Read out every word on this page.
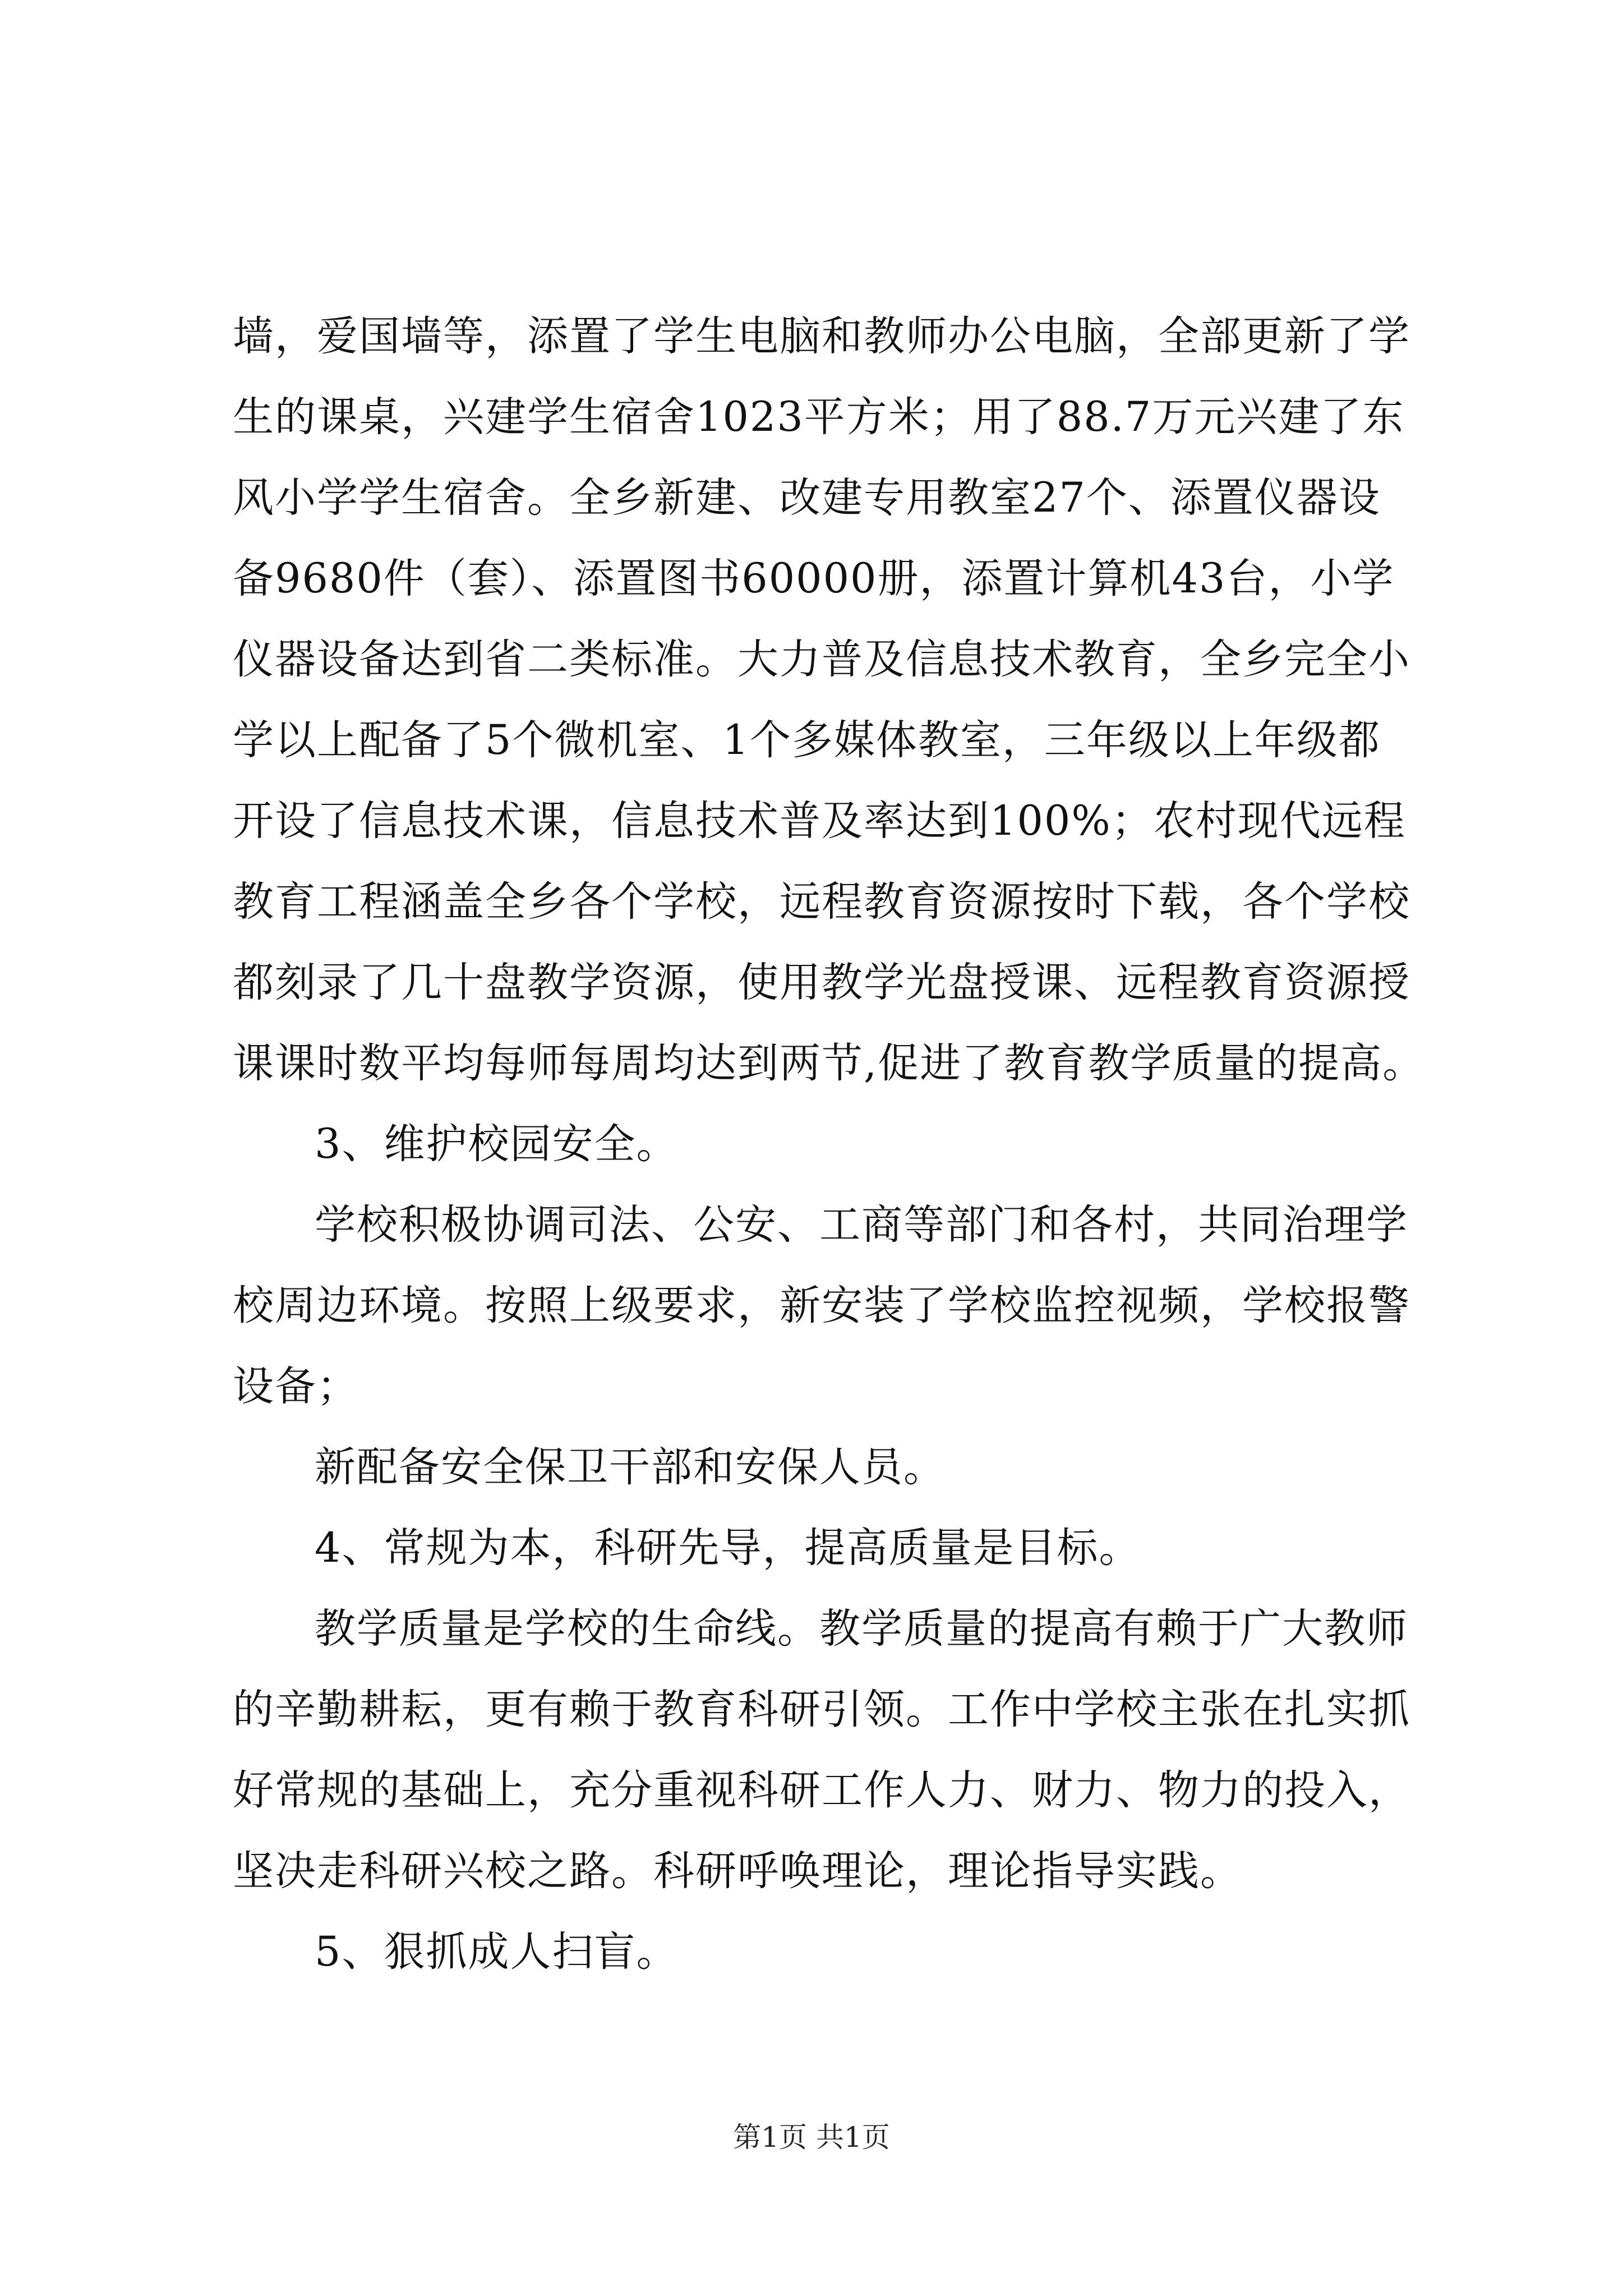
墙，爱国墙等，添置了学生电脑和教师办公电脑，全部更新了学
生的课桌，兴建学生宿舍1023平方米；用了88.7万元兴建了东
风小学学生宿舍。全乡新建、改建专用教室27个、添置仪器设
备9680件（套）、添置图书60000册，添置计算机43台，小学
仪器设备达到省二类标准。大力普及信息技术教育，全乡完全小
学以上配备了5个微机室、1个多媒体教室，三年级以上年级都
开设了信息技术课，信息技术普及率达到100%；农村现代远程
教育工程涵盖全乡各个学校，远程教育资源按时下载，各个学校
都刻录了几十盘教学资源，使用教学光盘授课、远程教育资源授
课课时数平均每师每周均达到两节,促进了教育教学质量的提高。
3、维护校园安全。
学校积极协调司法、公安、工商等部门和各村，共同治理学
校周边环境。按照上级要求，新安装了学校监控视频，学校报警
设备；
新配备安全保卫干部和安保人员。
4、常规为本，科研先导，提高质量是目标。
教学质量是学校的生命线。教学质量的提高有赖于广大教师
的辛勤耕耘，更有赖于教育科研引领。工作中学校主张在扎实抓
好常规的基础上，充分重视科研工作人力、财力、物力的投入，
坚决走科研兴校之路。科研呼唤理论，理论指导实践。
5、狠抓成人扫盲。
第1页 共1页
